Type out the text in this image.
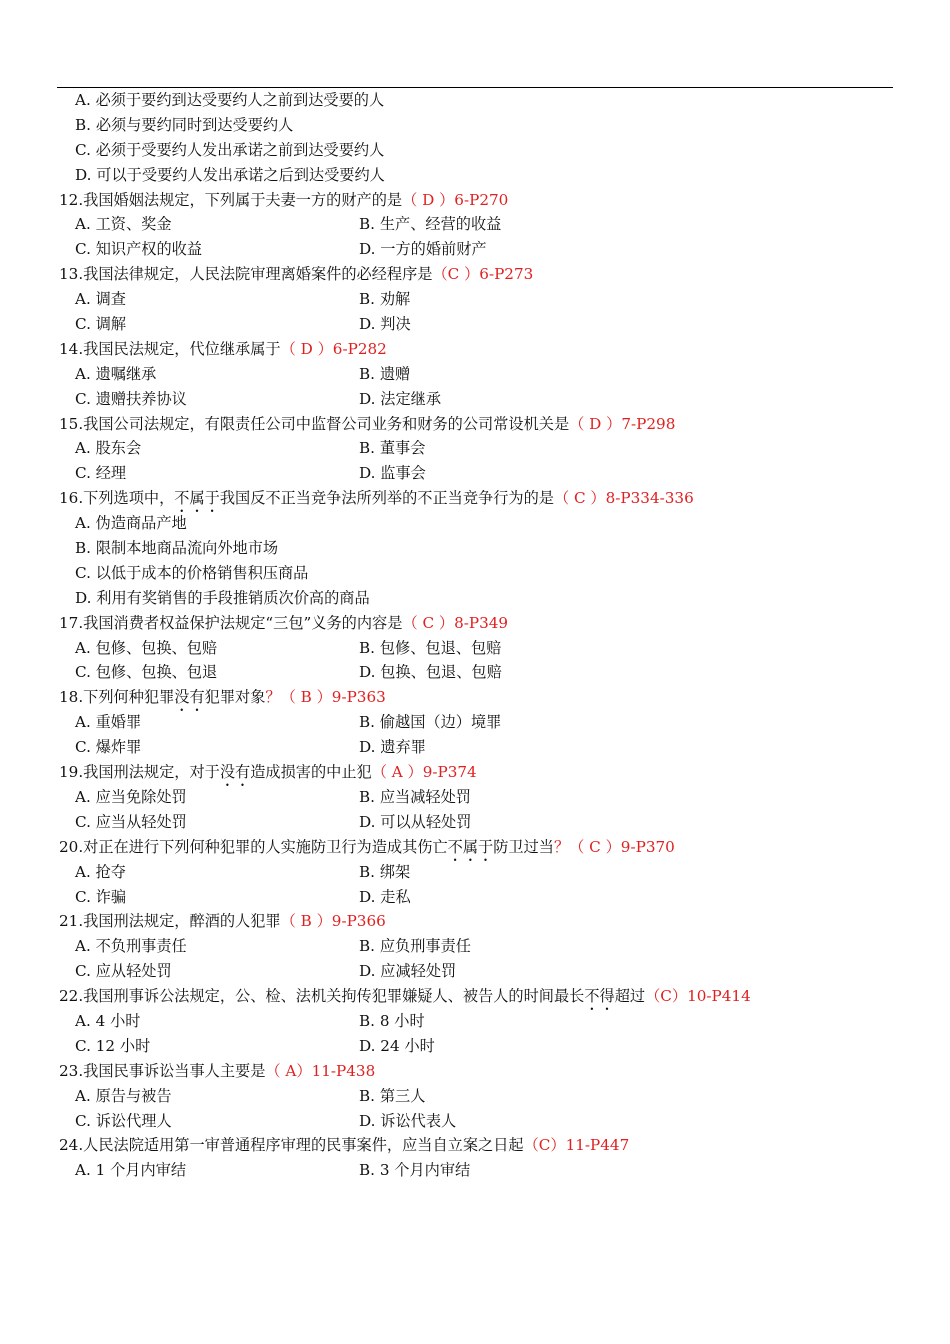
A. 必须于要约到达受要约人之前到达受要的人
B. 必须与要约同时到达受要约人
C. 必须于受要约人发出承诺之前到达受要约人
D. 可以于受要约人发出承诺之后到达受要约人
12.我国婚姻法规定，下列属于夫妻一方的财产的是（ D ）6-P270
A. 工资、奖金	B. 生产、经营的收益
C. 知识产权的收益	D. 一方的婚前财产
13.我国法律规定，人民法院审理离婚案件的必经程序是（C ）6-P273
A. 调查	B. 劝解
C. 调解	D. 判决
14.我国民法规定，代位继承属于（ D ）6-P282
A. 遗嘱继承	B. 遗赠
C. 遗赠扶养协议	D. 法定继承
15.我国公司法规定，有限责任公司中监督公司业务和财务的公司常设机关是（ D ）7-P298
A. 股东会	B. 董事会
C. 经理	D. 监事会
16.下列选项中，不属于我国反不正当竞争法所列举的不正当竞争行为的是（ C ）8-P334-336
A. 伪造商品产地
B. 限制本地商品流向外地市场
C. 以低于成本的价格销售积压商品
D. 利用有奖销售的手段推销质次价高的商品
17.我国消费者权益保护法规定“三包”义务的内容是（ C ）8-P349
A. 包修、包换、包赔	B. 包修、包退、包赔
C. 包修、包换、包退	D. 包换、包退、包赔
18.下列何种犯罪没有犯罪对象？（ B ）9-P363
A. 重婚罪	B. 偷越国（边）境罪
C. 爆炸罪	D. 遗弃罪
19.我国刑法规定，对于没有造成损害的中止犯（ A ）9-P374
A. 应当免除处罚	B. 应当减轻处罚
C. 应当从轻处罚	D. 可以从轻处罚
20.对正在进行下列何种犯罪的人实施防卫行为造成其伤亡不属于防卫过当？（ C ）9-P370
A. 抢夺	B. 绑架
C. 诈骗	D. 走私
21.我国刑法规定，醉酒的人犯罪（ B ）9-P366
A. 不负刑事责任	B. 应负刑事责任
C. 应从轻处罚	D. 应减轻处罚
22.我国刑事诉公法规定，公、检、法机关拘传犯罪嫌疑人、被告人的时间最长不得超过（C）10-P414
A. 4 小时	B. 8 小时
C. 12 小时	D. 24 小时
23.我国民事诉讼当事人主要是（ A）11-P438
A. 原告与被告	B. 第三人
C. 诉讼代理人	D. 诉讼代表人
24.人民法院适用第一审普通程序审理的民事案件，应当自立案之日起（C）11-P447
A. 1 个月内审结	B. 3 个月内审结
